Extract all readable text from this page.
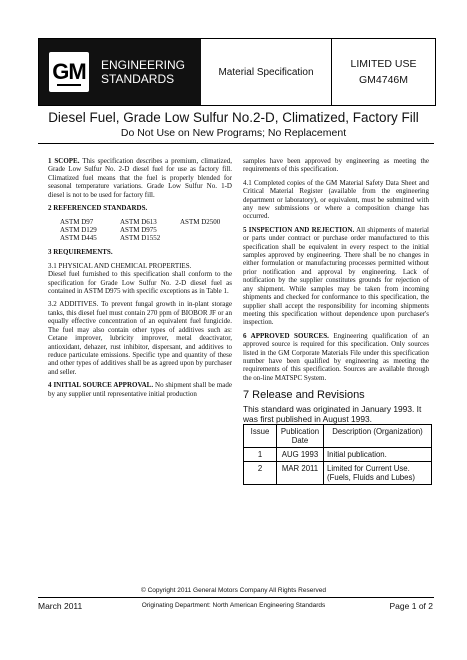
GM ENGINEERING
STANDARDS	Material Specification
LIMITED USE
GM4746M
Diesel Fuel, Grade Low Sulfur No.2-D, Climatized, Factory Fill
Do Not Use on New Programs; No Replacement

1 SCOPE. This specification describes a premium, climatized, Grade Low Sulfur No. 2-D diesel fuel for use as factory fill. Climatized fuel means that the fuel is properly blended for seasonal temperature variations. Grade Low Sulfur No. 1-D diesel is not to be used for factory fill.

2 REFERENCED STANDARDS.

ASTM D97	ASTM D613	ASTM D2500
ASTM D129	ASTM D975
ASTM D445	ASTM D1552

3 REQUIREMENTS.

3.1 PHYSICAL AND CHEMICAL PROPERTIES.

Diesel fuel furnished to this specification shall conform to the specification for Grade Low Sulfur No. 2-D diesel fuel as contained in ASTM D975 with specific exceptions as in Table 1.

3.2 ADDITIVES. To prevent fungal growth in in-plant storage tanks, this diesel fuel must contain 270 ppm of BIOBOR JF or an equally effective concentration of an equivalent fuel fungicide. The fuel may also contain other types of additives such as: Cetane improver, lubricity improver, metal deactivator, antioxidant, dehazer, rust inhibitor, dispersant, and additives to reduce particulate emissions. Specific type and quantity of these and other types of additives shall be as agreed upon by purchaser and seller.

4 INITIAL SOURCE APPROVAL. No shipment shall be made by any supplier until representative initial production

samples have been approved by engineering as meeting the requirements of this specification.

4.1 Completed copies of the GM Material Safety Data Sheet and Critical Material Register (available from the engineering department or laboratory), or equivalent, must be submitted with any new submissions or where a composition change has occurred.

5 INSPECTION AND REJECTION. All shipments of material or parts under contract or purchase order manufactured to this specification shall be equivalent in every respect to the initial samples approved by engineering. There shall be no changes in either formulation or manufacturing processes permitted without prior notification and approval by engineering. Lack of notification by the supplier constitutes grounds for rejection of any shipment. While samples may be taken from incoming shipments and checked for conformance to this specification, the supplier shall accept the responsibility for incoming shipments meeting this specification without dependence upon purchaser's inspection.

6 APPROVED SOURCES. Engineering qualification of an approved source is required for this specification. Only sources listed in the GM Corporate Materials File under this specification number have been qualified by engineering as meeting the requirements of this specification. Sources are available through the on-line MATSPC System.

7 Release and Revisions
This standard was originated in January 1993. It was first published in August 1993.
Issue	Publication Date	Description (Organization)
1	AUG 1993	Initial publication.
2	MAR 2011	Limited for Current Use. (Fuels, Fluids and Lubes)
© Copyright 2011 General Motors Company All Rights Reserved
March 2011	Originating Department: North American Engineering Standards	Page 1 of 2
